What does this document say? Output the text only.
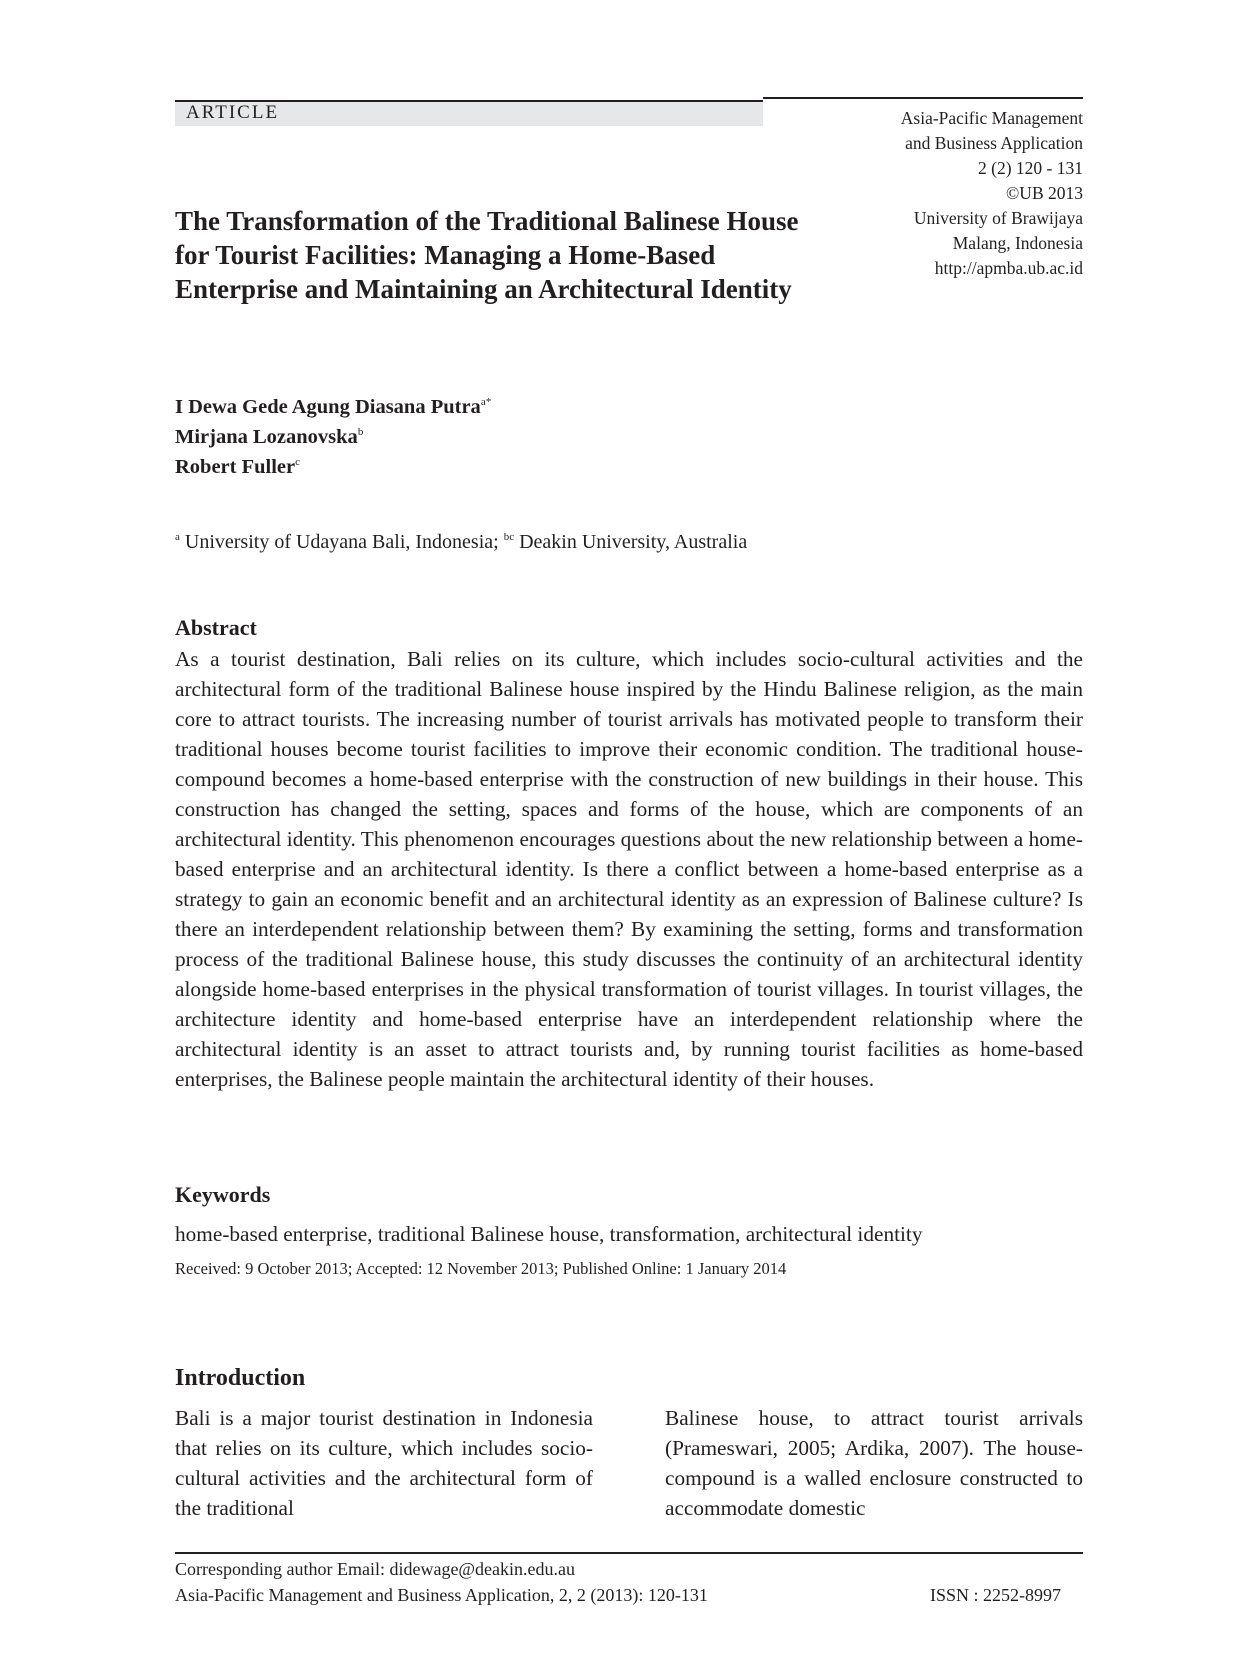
ARTICLE	Asia-Pacific Management
and Business Application
2 (2) 120 - 131
©UB 2013
University of Brawijaya
Malang, Indonesia
http://apmba.ub.ac.id
The Transformation of the Traditional Balinese House
for Tourist Facilities: Managing a Home-Based
Enterprise and Maintaining an Architectural Identity
I Dewa Gede Agung Diasana Putra$^{a*}$
Mirjana Lozanovska$^b$
Robert Fuller$^c$
$^a$ University of Udayana Bali, Indonesia; $^{bc}$ Deakin University, Australia
Abstract

As a tourist destination, Bali relies on its culture, which includes socio-cultural activities and the architectural form of the traditional Balinese house inspired by the Hindu Balinese religion, as the main core to attract tourists. The increasing number of tourist arrivals has motivated people to transform their traditional houses become tourist facilities to improve their economic condition. The traditional house-compound becomes a home-based enterprise with the construction of new buildings in their house. This construction has changed the setting, spaces and forms of the house, which are components of an architectural identity. This phenomenon encourages questions about the new relationship between a home-based enterprise and an architectural identity. Is there a conflict between a home-based enterprise as a strategy to gain an economic benefit and an architectural identity as an expression of Balinese culture? Is there an interdependent relationship between them? By examining the setting, forms and transformation process of the traditional Balinese house, this study discusses the continuity of an architectural identity alongside home-based enterprises in the physical transformation of tourist villages. In tourist villages, the architecture identity and home-based enterprise have an interdependent relationship where the architectural identity is an asset to attract tourists and, by running tourist facilities as home-based enterprises, the Balinese people maintain the architectural identity of their houses.

Keywords
home-based enterprise, traditional Balinese house, transformation, architectural identity
Received: 9 October 2013; Accepted: 12 November 2013; Published Online: 1 January 2014
Introduction

Bali is a major tourist destination in Indonesia that relies on its culture, which includes socio-cultural activities and the architectural form of the traditional

Balinese house, to attract tourist arrivals (Prameswari, 2005; Ardika, 2007). The house-compound is a walled enclosure constructed to accommodate domestic

Corresponding author Email: didewage@deakin.edu.au
Asia-Pacific Management and Business Application, 2, 2 (2013): 120-131	ISSN : 2252-8997
